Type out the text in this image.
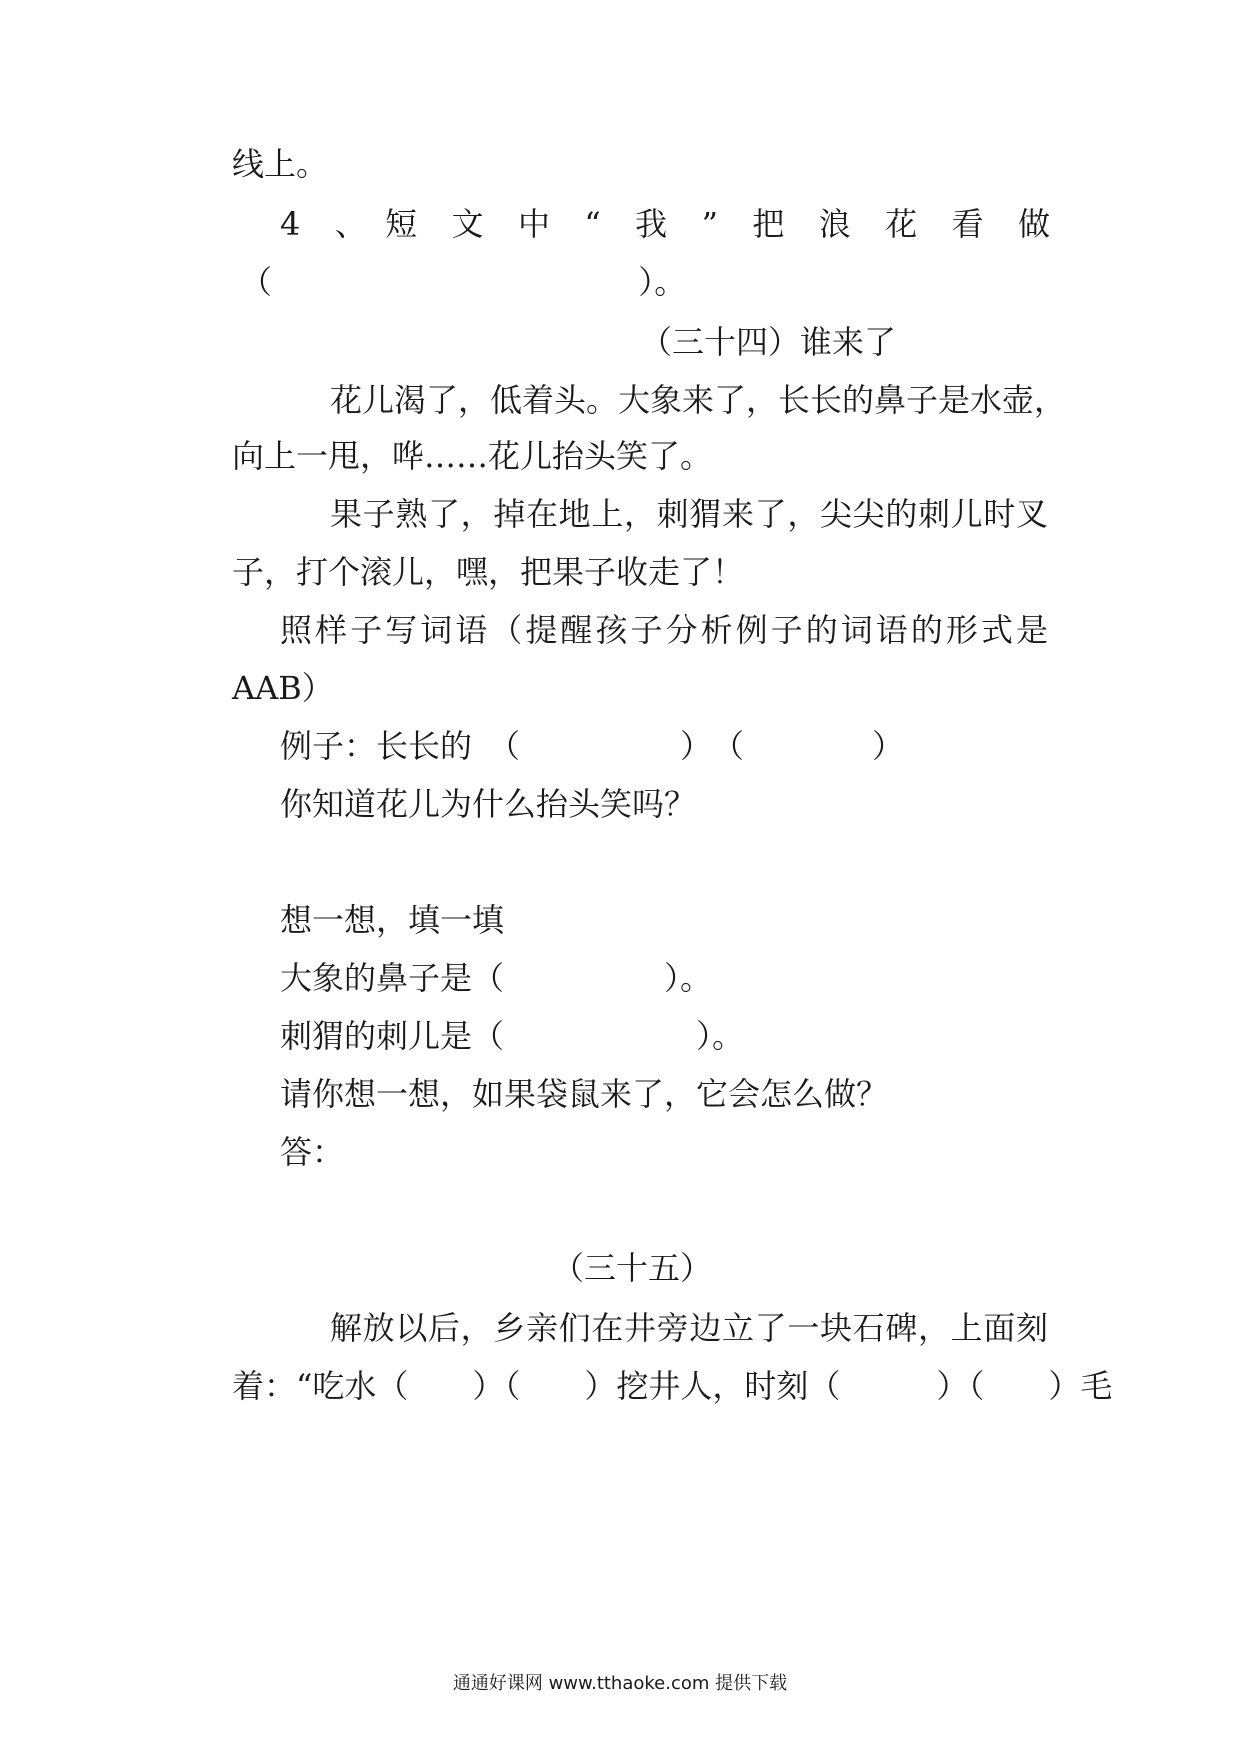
线上。

4　、　短　文　中　“　我　”　把　浪　花　看　做

（                                    ）。

（三十四）谁来了

花儿渴了，低着头。大象来了，长长的鼻子是水壶，

向上一甩，哗……花儿抬头笑了。

果子熟了，掉在地上，刺猬来了，尖尖的刺儿时叉

子，打个滚儿，嘿，把果子收走了！

照样子写词语（提醒孩子分析例子的词语的形式是

AAB）

例子：长长的　（　　　　　）　（　　　　）

你知道花儿为什么抬头笑吗？

想一想，填一填

大象的鼻子是（　　　　　）。

刺猬的刺儿是（　　　　　　）。

请你想一想，如果袋鼠来了，它会怎么做？

答：

（三十五）

解放以后，乡亲们在井旁边立了一块石碑，上面刻

着：“吃水（　　）（　　）挖井人，时刻（　　　）（　　）毛

通通好课网 www.tthaoke.com 提供下载
